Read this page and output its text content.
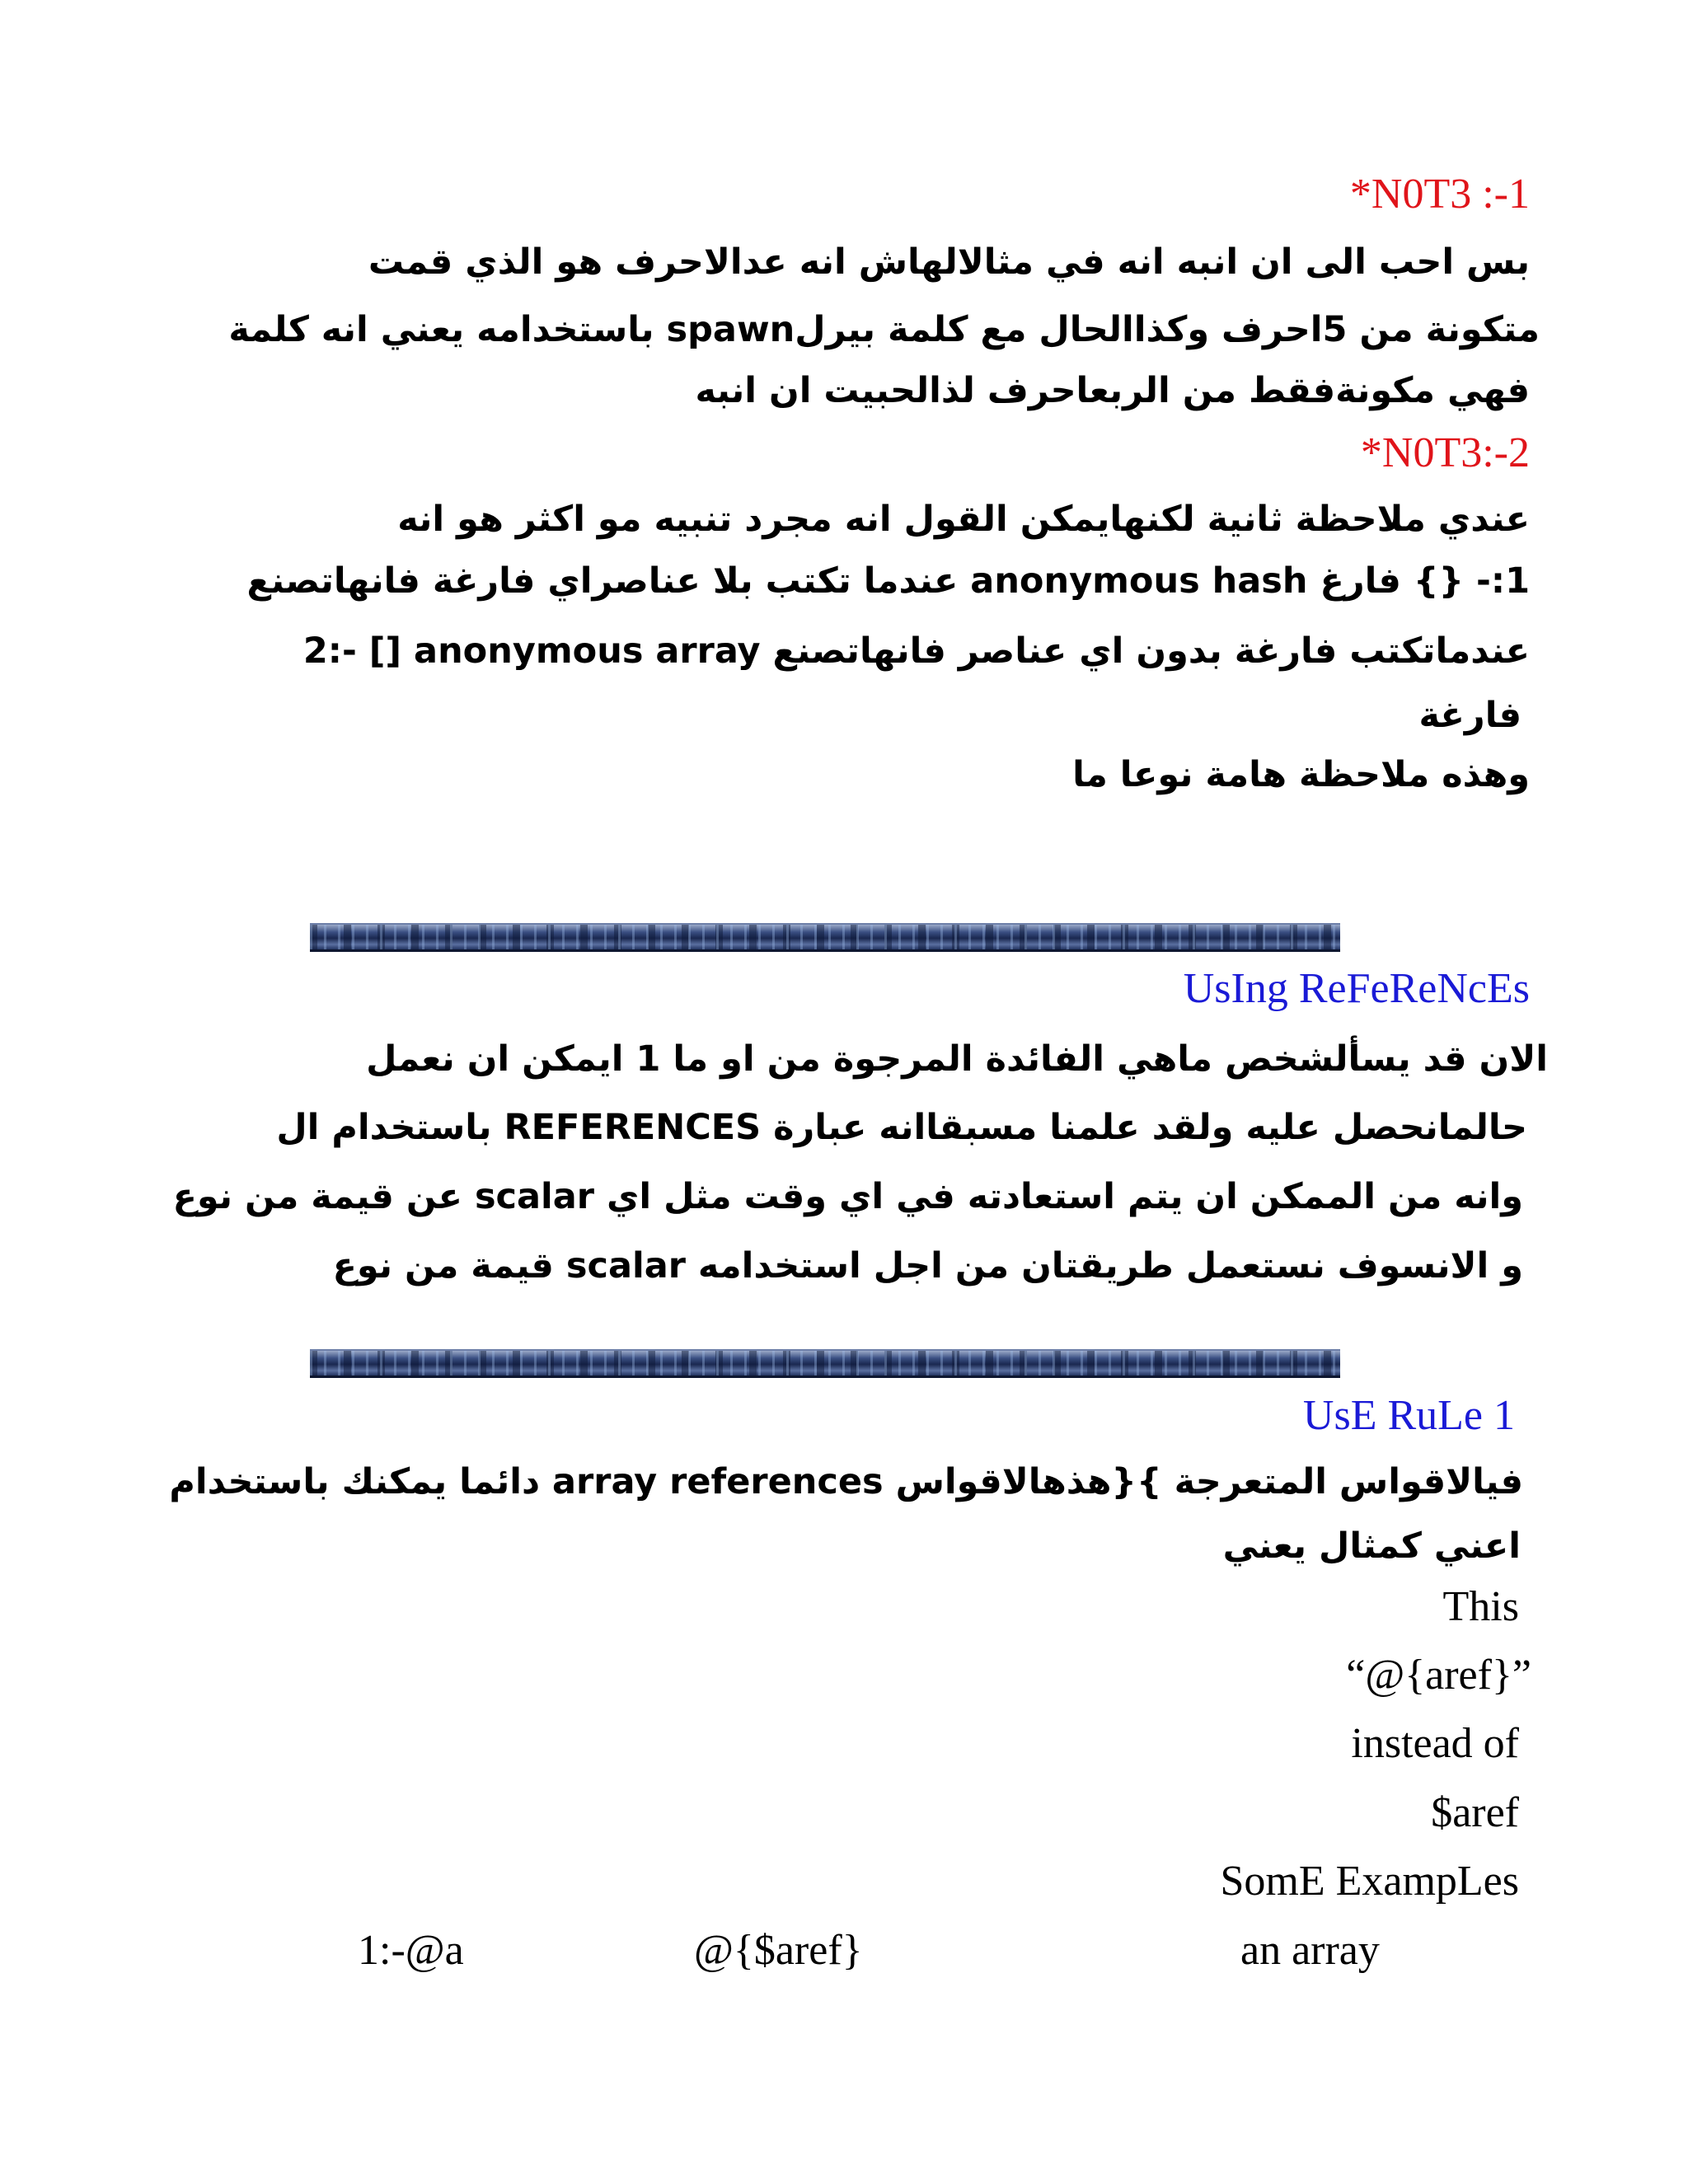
*N0T3 :-1
بس احب الى ان انبه انه في مثالالهاش انه عدالاحرف هو الذي قمت
متكونة من 5احرف وكذاالحال مع كلمة بيرلspawn باستخدامه يعني انه كلمة
فهي مكونةفقط من الربعاحرف لذالحبيت ان انبه
*N0T3:-2
عندي ملاحظة ثانية لكنهايمكن القول انه مجرد تنبيه مو اكثر هو انه
1:- {} فارغ anonymous hash عندما تكتب بلا عناصراي فارغة فانهاتصنع
2:- [] anonymous array عندماتكتب فارغة بدون اي عناصر فانهاتصنع
فارغة
وهذه ملاحظة هامة نوعا ما
UsIng ReFeReNcEs
الان قد يسألشخص ماهي الفائدة المرجوة من او ما 1 ايمكن ان نعمل
حالمانحصل عليه ولقد علمنا مسبقاانه عبارة REFERENCES باستخدام ال
وانه من الممكن ان يتم استعادته في اي وقت مثل اي scalar عن قيمة من نوع
و الانسوف نستعمل طريقتان من اجل استخدامه scalar قيمة من نوع
UsE RuLe 1
فيالاقواس المتعرجة }{هذهالاقواس array references دائما يمكنك باستخدام
اعني كمثال يعني
This
“@{aref}”
instead of
$aref
SomE ExampLes
1:-@a	@{$aref}	an array
